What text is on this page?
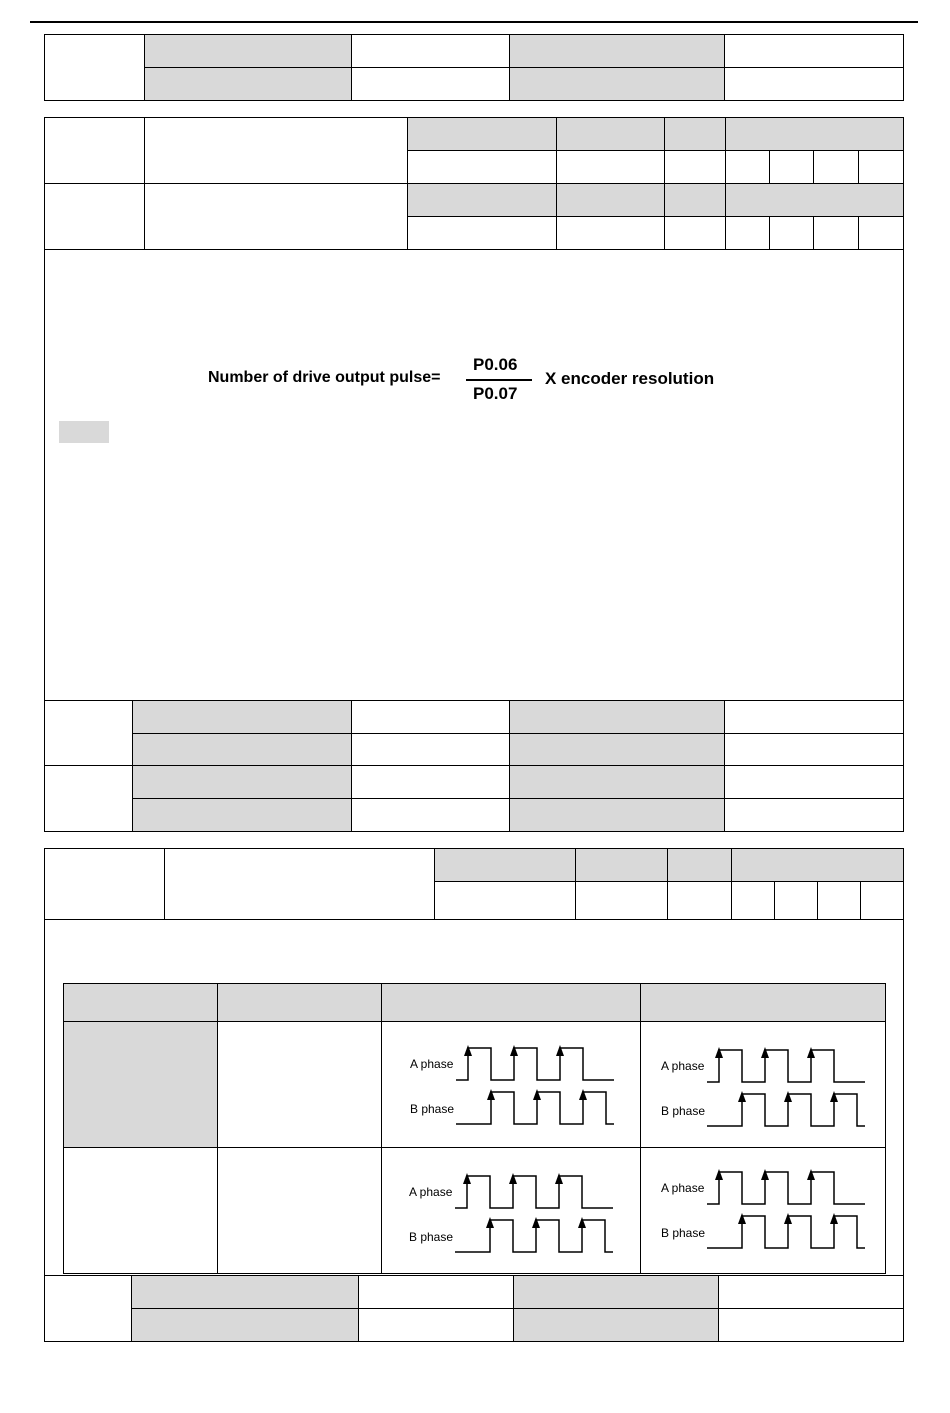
Number of drive output pulse=
P0.06
P0.07
X encoder resolution
A phase
B phase
A phase
B phase
A phase
B phase
A phase
B phase
